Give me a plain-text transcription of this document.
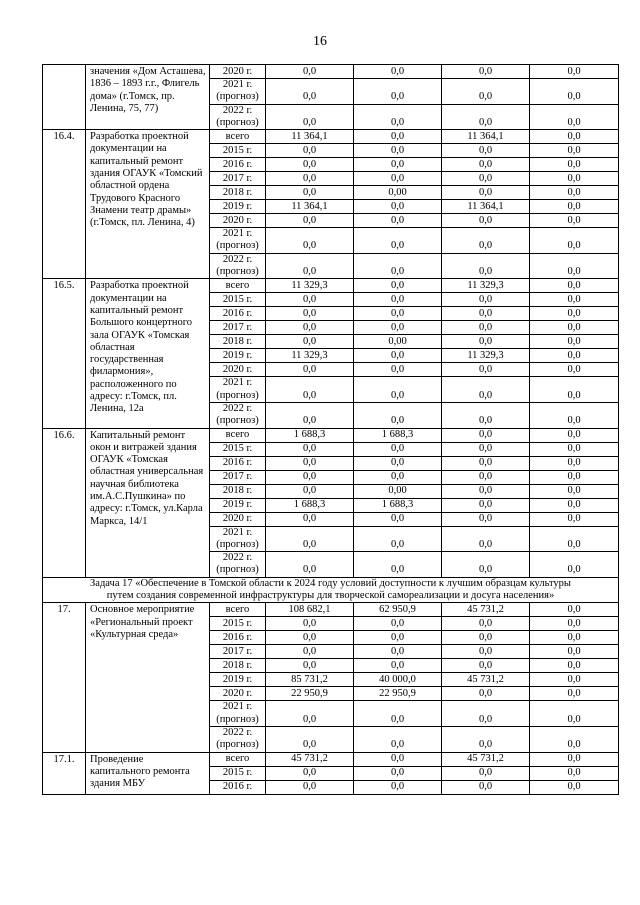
16
	значения «Дом Асташева, 1836 – 1893 г.г., Флигель дома» (г.Томск, пр. Ленина, 75, 77)	2020 г.	0,0	0,0	0,0	0,0
		2021 г. (прогноз)	0,0	0,0	0,0	0,0
		2022 г. (прогноз)	0,0	0,0	0,0	0,0
16.4.	Разработка проектной документации на капитальный ремонт здания ОГАУК «Томский областной ордена Трудового Красного Знамени театр драмы» (г.Томск, пл. Ленина, 4)	всего	11 364,1	0,0	11 364,1	0,0
		2015 г.	0,0	0,0	0,0	0,0
		2016 г.	0,0	0,0	0,0	0,0
		2017 г.	0,0	0,0	0,0	0,0
		2018 г.	0,0	0,00	0,0	0,0
		2019 г.	11 364,1	0,0	11 364,1	0,0
		2020 г.	0,0	0,0	0,0	0,0
		2021 г. (прогноз)	0,0	0,0	0,0	0,0
		2022 г. (прогноз)	0,0	0,0	0,0	0,0
16.5.	Разработка проектной документации на капитальный ремонт Большого концертного зала ОГАУК «Томская областная государственная филармония», расположенного по адресу: г.Томск, пл. Ленина, 12а	всего	11 329,3	0,0	11 329,3	0,0
		2015 г.	0,0	0,0	0,0	0,0
		2016 г.	0,0	0,0	0,0	0,0
		2017 г.	0,0	0,0	0,0	0,0
		2018 г.	0,0	0,00	0,0	0,0
		2019 г.	11 329,3	0,0	11 329,3	0,0
		2020 г.	0,0	0,0	0,0	0,0
		2021 г. (прогноз)	0,0	0,0	0,0	0,0
		2022 г. (прогноз)	0,0	0,0	0,0	0,0
16.6.	Капитальный ремонт окон и витражей здания ОГАУК «Томская областная универсальная научная библиотека им.А.С.Пушкина» по адресу: г.Томск, ул.Карла Маркса, 14/1	всего	1 688,3	1 688,3	0,0	0,0
		2015 г.	0,0	0,0	0,0	0,0
		2016 г.	0,0	0,0	0,0	0,0
		2017 г.	0,0	0,0	0,0	0,0
		2018 г.	0,0	0,00	0,0	0,0
		2019 г.	1 688,3	1 688,3	0,0	0,0
		2020 г.	0,0	0,0	0,0	0,0
		2021 г. (прогноз)	0,0	0,0	0,0	0,0
		2022 г. (прогноз)	0,0	0,0	0,0	0,0

Задача 17 «Обеспечение в Томской области к 2024 году условий доступности к лучшим образцам культуры
путем создания современной инфраструктуры для творческой самореализации и досуга населения»						

17.	Основное мероприятие «Региональный проект «Культурная среда»	всего	108 682,1	62 950,9	45 731,2	0,0
		2015 г.	0,0	0,0	0,0	0,0
		2016 г.	0,0	0,0	0,0	0,0
		2017 г.	0,0	0,0	0,0	0,0
		2018 г.	0,0	0,0	0,0	0,0
		2019 г.	85 731,2	40 000,0	45 731,2	0,0
		2020 г.	22 950,9	22 950,9	0,0	0,0
		2021 г. (прогноз)	0,0	0,0	0,0	0,0
		2022 г. (прогноз)	0,0	0,0	0,0	0,0
17.1.	Проведение капитального ремонта здания МБУ	всего	45 731,2	0,0	45 731,2	0,0
		2015 г.	0,0	0,0	0,0	0,0
		2016 г.	0,0	0,0	0,0	0,0
